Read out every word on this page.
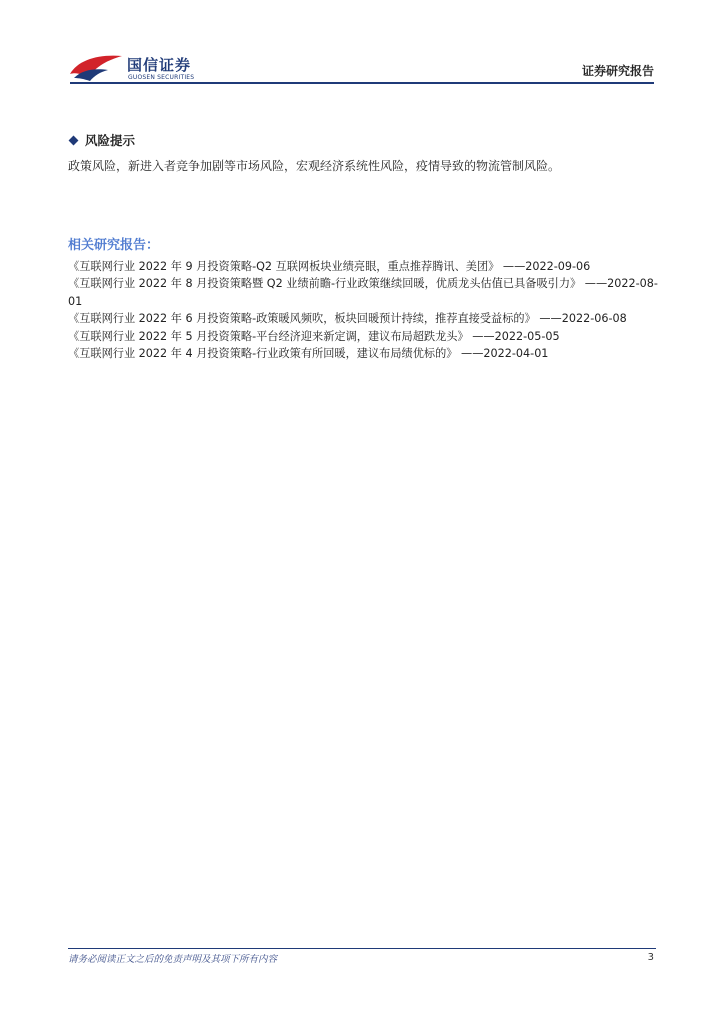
国信证券
GUOSEN SECURITIES	证券研究报告
风险提示
政策风险，新进入者竞争加剧等市场风险，宏观经济系统性风险，疫情导致的物流管制风险。
相关研究报告：
《互联网行业 2022 年 9 月投资策略-Q2 互联网板块业绩亮眼，重点推荐腾讯、美团》 ——2022-09-06
《互联网行业 2022 年 8 月投资策略暨 Q2 业绩前瞻-行业政策继续回暖，优质龙头估值已具备吸引力》 ——2022-08-01
《互联网行业 2022 年 6 月投资策略-政策暖风频吹，板块回暖预计持续，推荐直接受益标的》 ——2022-06-08
《互联网行业 2022 年 5 月投资策略-平台经济迎来新定调，建议布局超跌龙头》 ——2022-05-05
《互联网行业 2022 年 4 月投资策略-行业政策有所回暖，建议布局绩优标的》 ——2022-04-01
请务必阅读正文之后的免责声明及其项下所有内容	3
